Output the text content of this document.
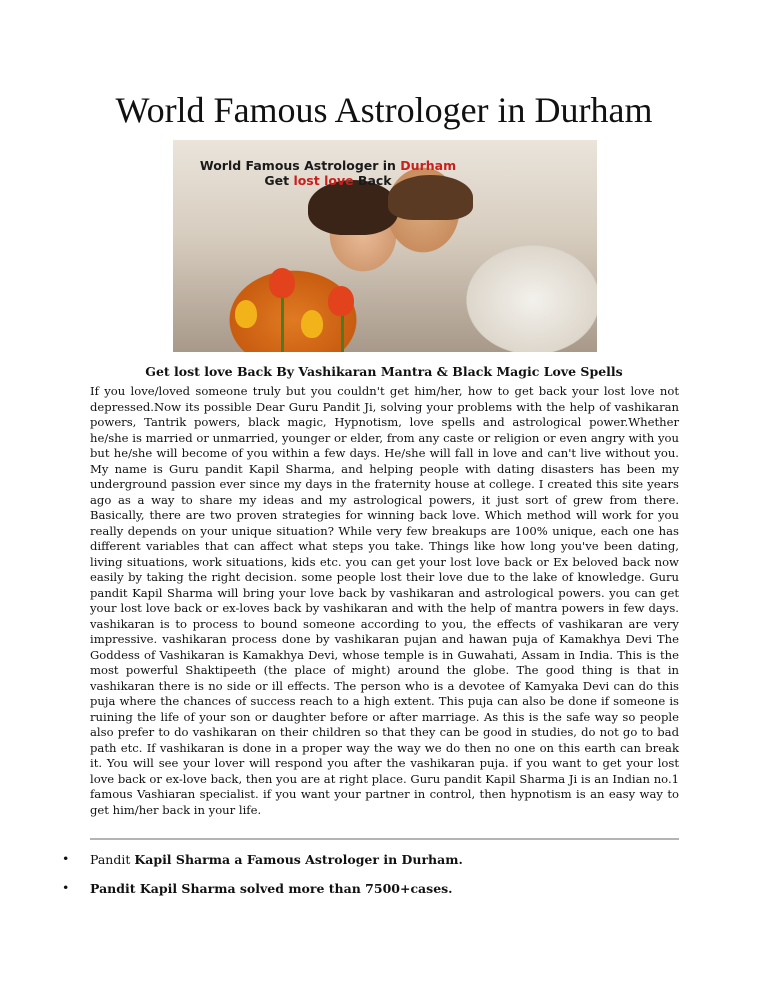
World Famous Astrologer in Durham
World Famous Astrologer in Durham
Get lost love Back
Get lost love Back By Vashikaran Mantra & Black Magic Love Spells

If you love/loved someone truly but you couldn't get him/her, how to get back your lost love not depressed.Now its possible Dear Guru Pandit Ji, solving your problems with the help of vashikaran powers, Tantrik powers, black magic, Hypnotism, love spells and astrological power.Whether he/she is married or unmarried, younger or elder, from any caste or religion or even angry with you but he/she will become of you within a few days. He/she will fall in love and can't live without you. My name is Guru pandit Kapil Sharma, and helping people with dating disasters has been my underground passion ever since my days in the fraternity house at college. I created this site years ago as a way to share my ideas and my astrological powers, it just sort of grew from there. Basically, there are two proven strategies for winning back love. Which method will work for you really depends on your unique situation? While very few breakups are 100% unique, each one has different variables that can affect what steps you take. Things like how long you've been dating, living situations, work situations, kids etc. you can get your lost love back or Ex beloved back now easily by taking the right decision. some people lost their love due to the lake of knowledge. Guru pandit Kapil Sharma will bring your love back by vashikaran and astrological powers. you can get your lost love back or ex-loves back by vashikaran and with the help of mantra powers in few days. vashikaran is to process to bound someone according to you, the effects of vashikaran are very impressive. vashikaran process done by vashikaran pujan and hawan puja of Kamakhya Devi The Goddess of Vashikaran is Kamakhya Devi, whose temple is in Guwahati, Assam in India. This is the most powerful Shaktipeeth (the place of might) around the globe. The good thing is that in vashikaran there is no side or ill effects. The person who is a devotee of Kamyaka Devi can do this puja where the chances of success reach to a high extent. This puja can also be done if someone is ruining the life of your son or daughter before or after marriage. As this is the safe way so people also prefer to do vashikaran on their children so that they can be good in studies, do not go to bad path etc. If vashikaran is done in a proper way the way we do then no one on this earth can break it. You will see your lover will respond you after the vashikaran puja. if you want to get your lost love back or ex-love back, then you are at right place. Guru pandit Kapil Sharma Ji is an Indian no.1 famous Vashiaran specialist. if you want your partner in control, then hypnotism is an easy way to get him/her back in your life.

• Pandit Kapil Sharma a Famous Astrologer in Durham.
• Pandit Kapil Sharma solved more than 7500+cases.
